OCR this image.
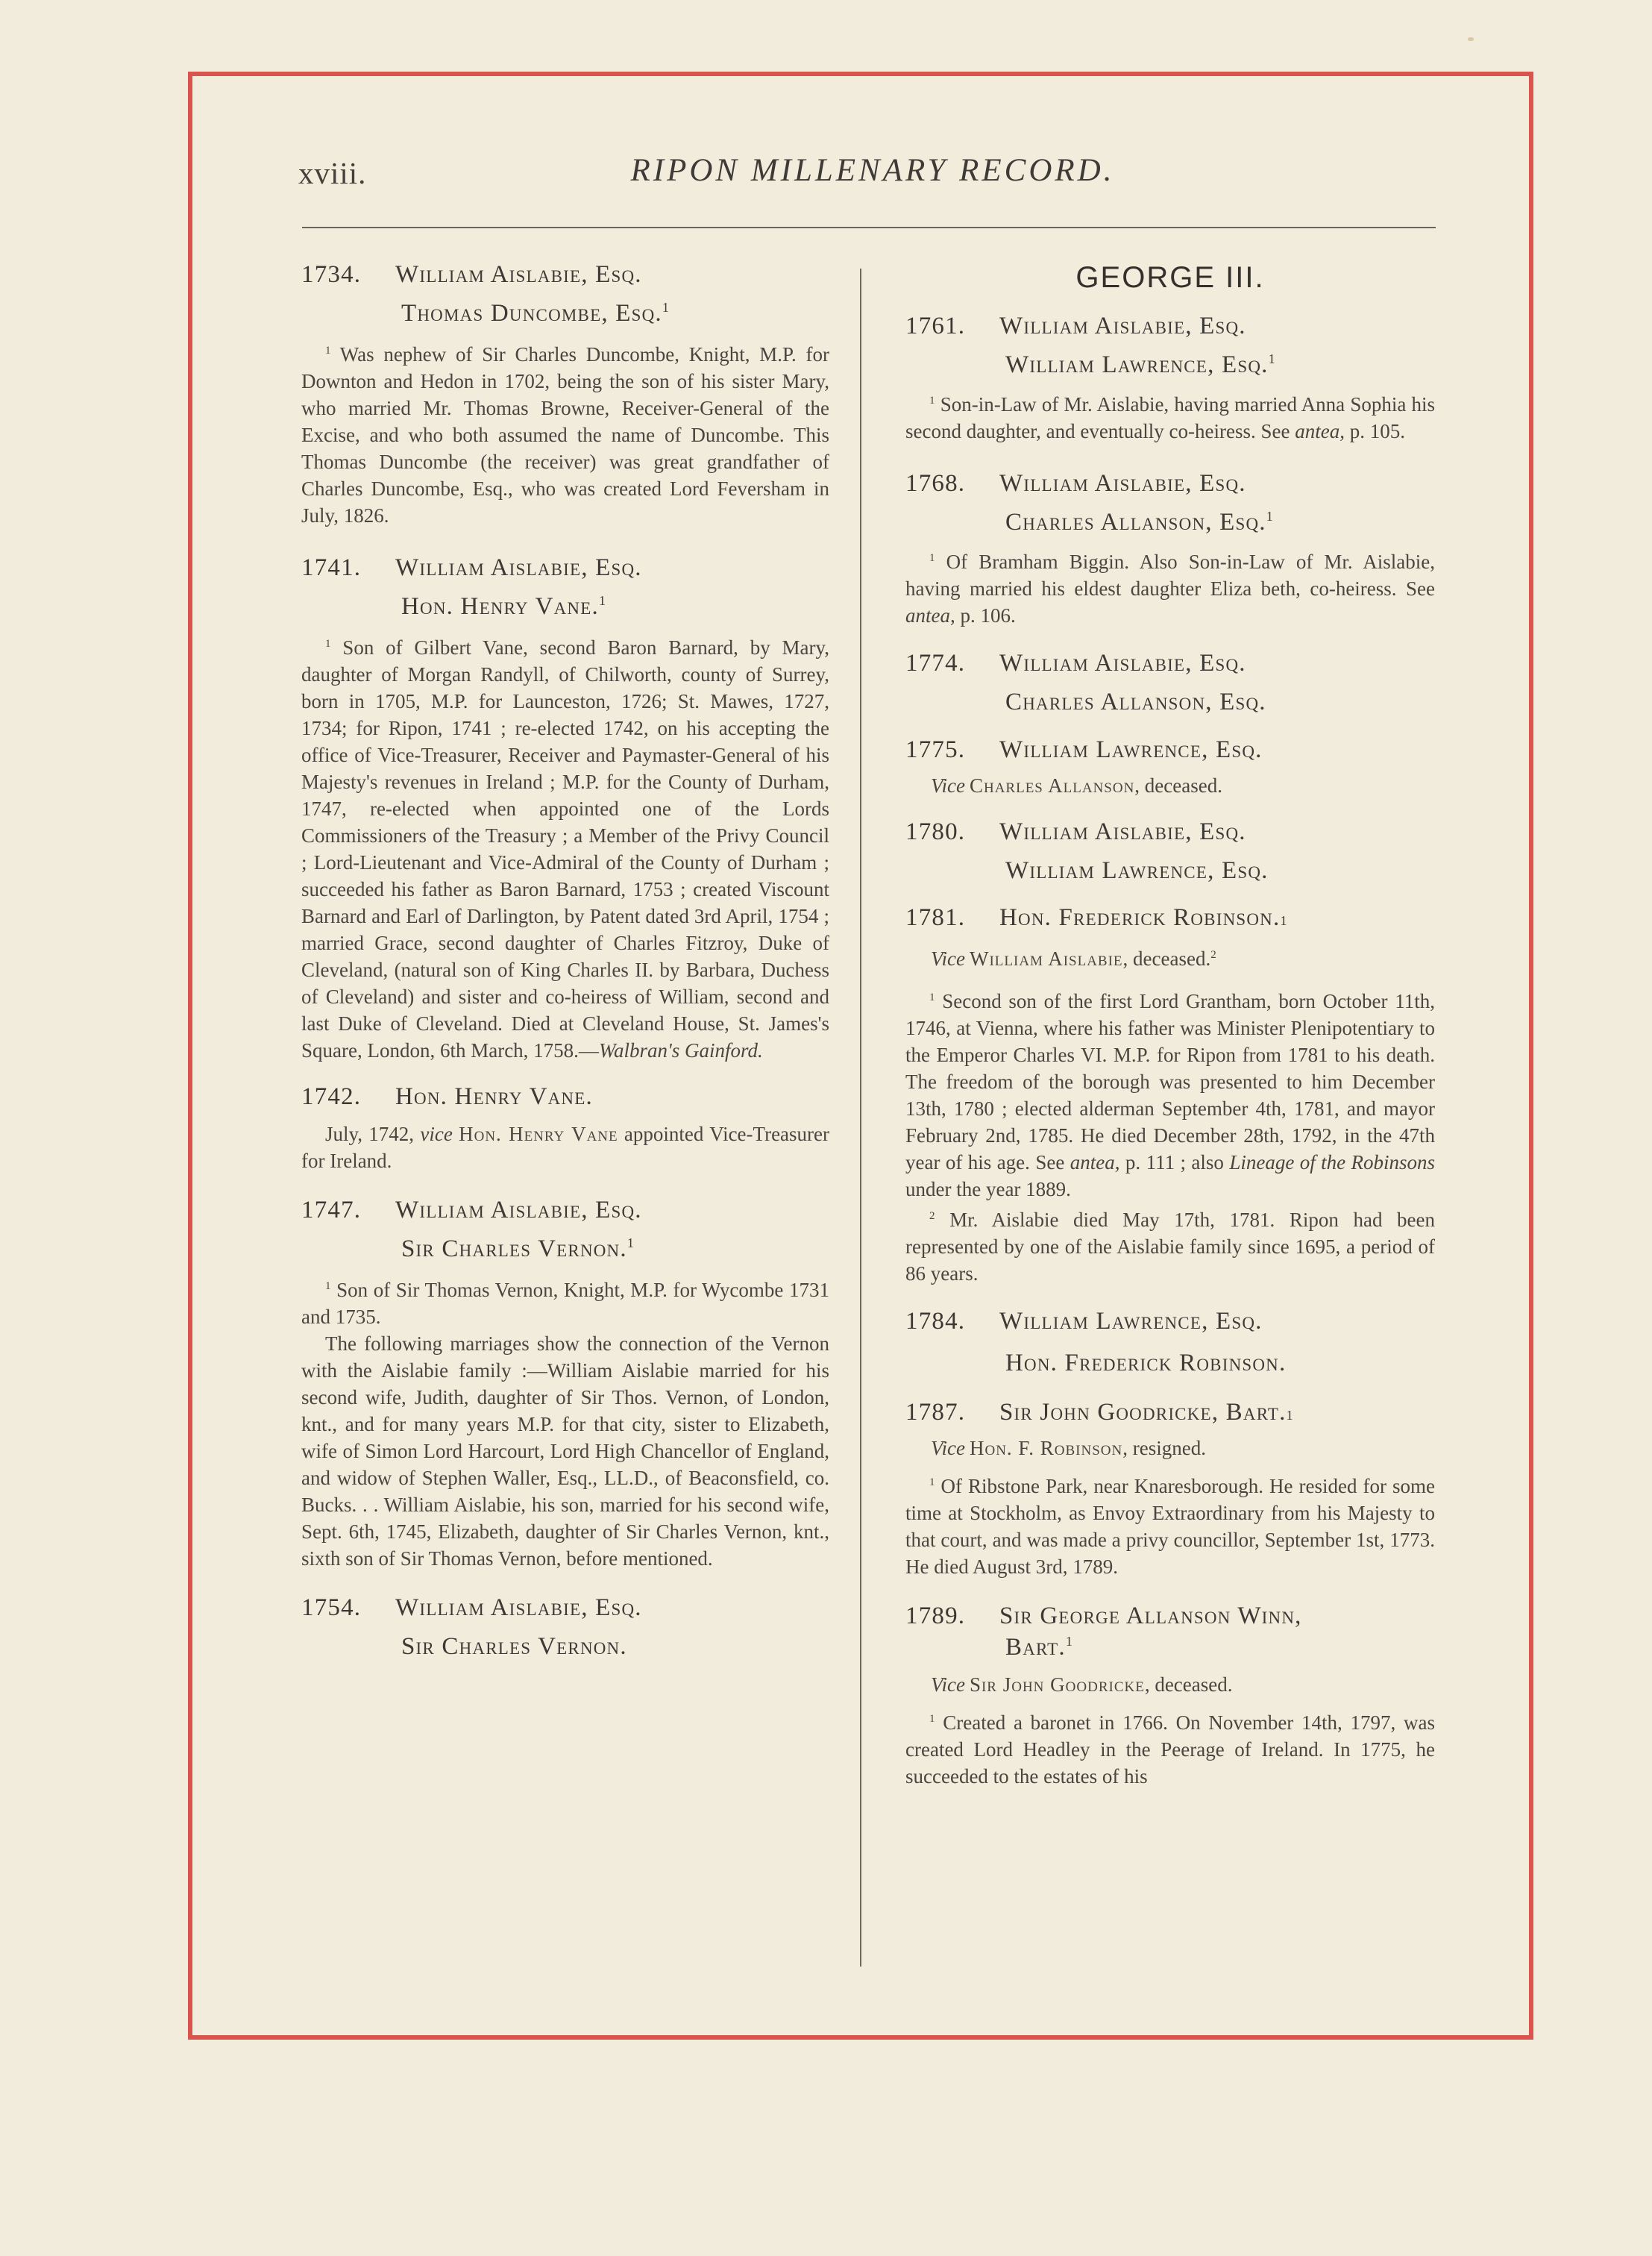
xviii.	RIPON MILLENARY RECORD.
1734.	William Aislabie, Esq.
Thomas Duncombe, Esq.$^1$
$^1$ Was nephew of Sir Charles Duncombe, Knight, M.P. for Downton and Hedon in 1702, being the son of his sister Mary, who married Mr. Thomas Browne, Receiver-General of the Excise, and who both assumed the name of Duncombe. This Thomas Duncombe (the receiver) was great grandfather of Charles Duncombe, Esq., who was created Lord Feversham in July, 1826.
1741.	William Aislabie, Esq.
Hon. Henry Vane.$^1$
$^1$ Son of Gilbert Vane, second Baron Barnard, by Mary, daughter of Morgan Randyll, of Chilworth, county of Surrey, born in 1705, M.P. for Launceston, 1726; St. Mawes, 1727, 1734; for Ripon, 1741 ; re-elected 1742, on his accepting the office of Vice-Treasurer, Receiver and Paymaster-General of his Majesty's revenues in Ireland ; M.P. for the County of Durham, 1747, re-elected when appointed one of the Lords Commissioners of the Treasury ; a Member of the Privy Council ; Lord-Lieutenant and Vice-Admiral of the County of Durham ; succeeded his father as Baron Barnard, 1753 ; created Viscount Barnard and Earl of Darlington, by Patent dated 3rd April, 1754 ; married Grace, second daughter of Charles Fitzroy, Duke of Cleveland, (natural son of King Charles II. by Barbara, Duchess of Cleveland) and sister and co-heiress of William, second and last Duke of Cleveland. Died at Cleveland House, St. James's Square, London, 6th March, 1758.—Walbran's Gainford.
1742.	Hon. Henry Vane.
July, 1742, vice Hon. Henry Vane appointed Vice-Treasurer for Ireland.
1747.	William Aislabie, Esq.
Sir Charles Vernon.$^1$
$^1$ Son of Sir Thomas Vernon, Knight, M.P. for Wycombe 1731 and 1735.
The following marriages show the connection of the Vernon with the Aislabie family :—William Aislabie married for his second wife, Judith, daughter of Sir Thos. Vernon, of London, knt., and for many years M.P. for that city, sister to Elizabeth, wife of Simon Lord Harcourt, Lord High Chancellor of England, and widow of Stephen Waller, Esq., LL.D., of Beaconsfield, co. Bucks. . . William Aislabie, his son, married for his second wife, Sept. 6th, 1745, Elizabeth, daughter of Sir Charles Vernon, knt., sixth son of Sir Thomas Vernon, before mentioned.
1754.	William Aislabie, Esq.
Sir Charles Vernon.
GEORGE III.
1761.	William Aislabie, Esq.
William Lawrence, Esq.$^1$
$^1$ Son-in-Law of Mr. Aislabie, having married Anna Sophia his second daughter, and eventually co-heiress. See antea, p. 105.
1768.	William Aislabie, Esq.
Charles Allanson, Esq.$^1$
$^1$ Of Bramham Biggin. Also Son-in-Law of Mr. Aislabie, having married his eldest daughter Eliza beth, co-heiress. See antea, p. 106.
1774.	William Aislabie, Esq.
Charles Allanson, Esq.
1775.	William Lawrence, Esq.
Vice Charles Allanson, deceased.
1780.	William Aislabie, Esq.
William Lawrence, Esq.
1781.	Hon. Frederick Robinson. 1
Vice William Aislabie, deceased.$^2$
$^1$ Second son of the first Lord Grantham, born October 11th, 1746, at Vienna, where his father was Minister Plenipotentiary to the Emperor Charles VI. M.P. for Ripon from 1781 to his death. The freedom of the borough was presented to him December 13th, 1780 ; elected alderman September 4th, 1781, and mayor February 2nd, 1785. He died December 28th, 1792, in the 47th year of his age. See antea, p. 111 ; also Lineage of the Robinsons under the year 1889.
$^2$ Mr. Aislabie died May 17th, 1781. Ripon had been represented by one of the Aislabie family since 1695, a period of 86 years.
1784.	William Lawrence, Esq.
Hon. Frederick Robinson.
1787.	Sir John Goodricke, Bart. 1
Vice Hon. F. Robinson, resigned.
$^1$ Of Ribstone Park, near Knaresborough. He resided for some time at Stockholm, as Envoy Extraordinary from his Majesty to that court, and was made a privy councillor, September 1st, 1773. He died August 3rd, 1789.
1789.	Sir George Allanson Winn,
Bart.$^1$
Vice Sir John Goodricke, deceased.
$^1$ Created a baronet in 1766. On November 14th, 1797, was created Lord Headley in the Peerage of Ireland. In 1775, he succeeded to the estates of his
